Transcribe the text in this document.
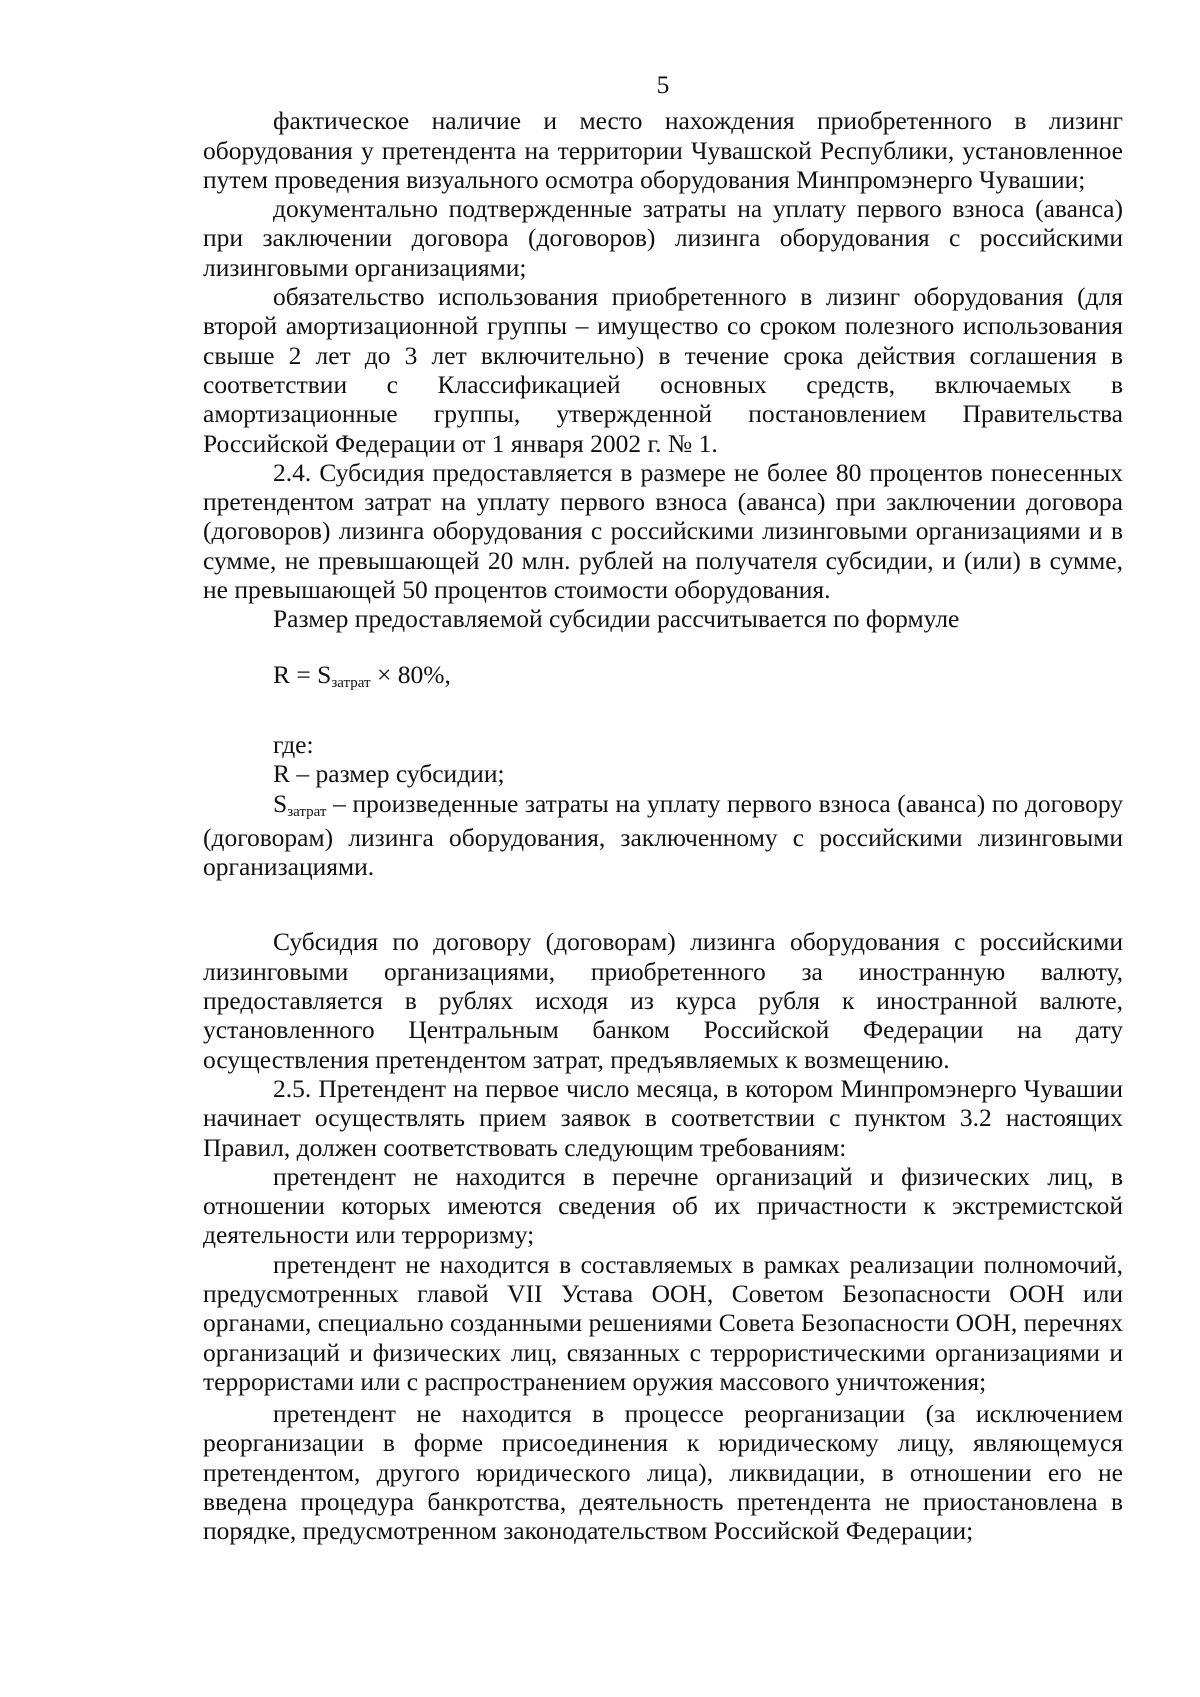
5

фактическое наличие и место нахождения приобретенного в лизинг оборудования у претендента на территории Чувашской Республики, установленное путем проведения визуального осмотра оборудования Минпромэнерго Чувашии;

документально подтвержденные затраты на уплату первого взноса (аванса) при заключении договора (договоров) лизинга оборудования с российскими лизинговыми организациями;

обязательство использования приобретенного в лизинг оборудования (для второй амортизационной группы – имущество со сроком полезного использования свыше 2 лет до 3 лет включительно) в течение срока действия соглашения в соответствии с Классификацией основных средств, включаемых в амортизационные группы, утвержденной постановлением Правительства Российской Федерации от 1 января 2002 г. № 1.

2.4. Субсидия предоставляется в размере не более 80 процентов понесенных претендентом затрат на уплату первого взноса (аванса) при заключении договора (договоров) лизинга оборудования с российскими лизинговыми организациями и в сумме, не превышающей 20 млн. рублей на получателя субсидии, и (или) в сумме, не превышающей 50 процентов стоимости оборудования.

Размер предоставляемой субсидии рассчитывается по формуле

$R = S_{затрат} \times 80\%$,

где:

R – размер субсидии;

$S_{затрат}$ – произведенные затраты на уплату первого взноса (аванса) по договору (договорам) лизинга оборудования, заключенному с российскими лизинговыми организациями.

Субсидия по договору (договорам) лизинга оборудования с российскими лизинговыми организациями, приобретенного за иностранную валюту, предоставляется в рублях исходя из курса рубля к иностранной валюте, установленного Центральным банком Российской Федерации на дату осуществления претендентом затрат, предъявляемых к возмещению.

2.5. Претендент на первое число месяца, в котором Минпромэнерго Чувашии начинает осуществлять прием заявок в соответствии с пунктом 3.2 настоящих Правил, должен соответствовать следующим требованиям:

претендент не находится в перечне организаций и физических лиц, в отношении которых имеются сведения об их причастности к экстремистской деятельности или терроризму;

претендент не находится в составляемых в рамках реализации полномочий, предусмотренных главой VII Устава ООН, Советом Безопасности ООН или органами, специально созданными решениями Совета Безопасности ООН, перечнях организаций и физических лиц, связанных с террористическими организациями и террористами или с распространением оружия массового уничтожения;

претендент не находится в процессе реорганизации (за исключением реорганизации в форме присоединения к юридическому лицу, являющемуся претендентом, другого юридического лица), ликвидации, в отношении его не введена процедура банкротства, деятельность претендента не приостановлена в порядке, предусмотренном законодательством Российской Федерации;
